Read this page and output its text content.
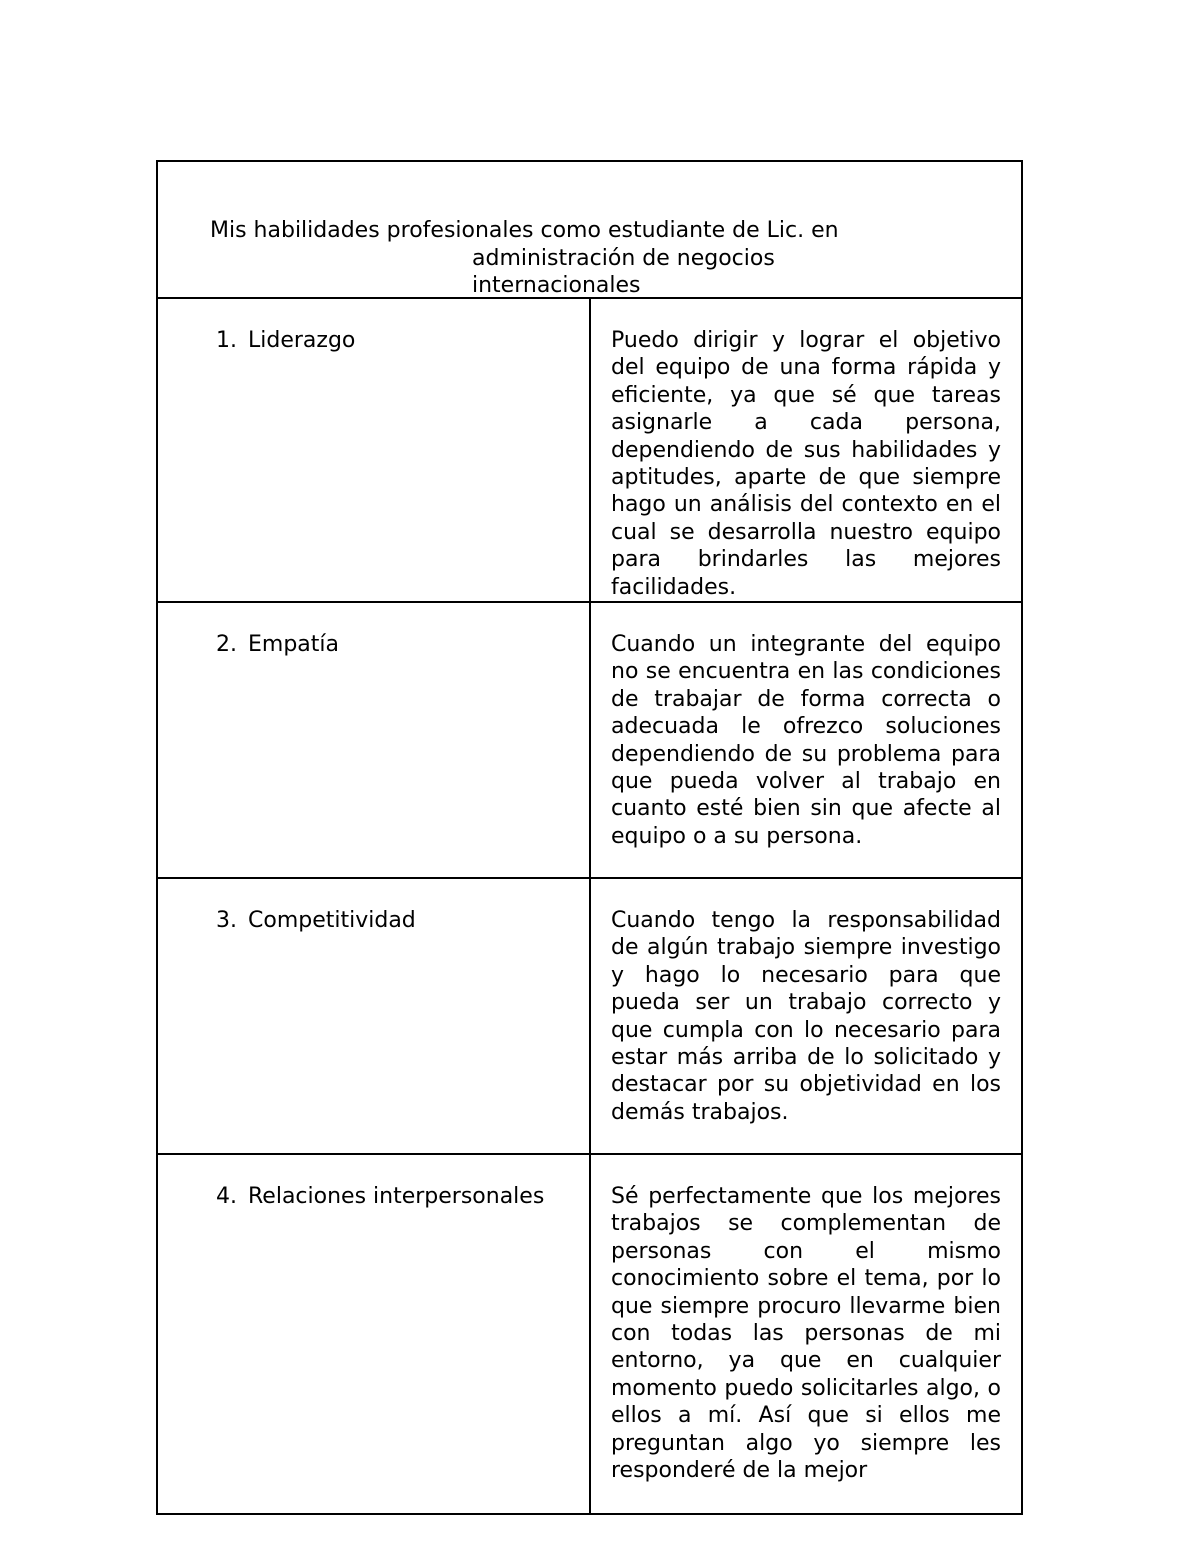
Mis habilidades profesionales como estudiante de Lic. en
administración de negocios
internacionales
1. Liderazgo	Puedo dirigir y lograr el objetivo del equipo de una forma rápida y eficiente, ya que sé que tareas asignarle a cada persona, dependiendo de sus habilidades y aptitudes, aparte de que siempre hago un análisis del contexto en el cual se desarrolla nuestro equipo para brindarles las mejores facilidades.

2. Empatía	Cuando un integrante del equipo no se encuentra en las condiciones de trabajar de forma correcta o adecuada le ofrezco soluciones dependiendo de su problema para que pueda volver al trabajo en cuanto esté bien sin que afecte al equipo o a su persona.

3. Competitividad	Cuando tengo la responsabilidad de algún trabajo siempre investigo y hago lo necesario para que pueda ser un trabajo correcto y que cumpla con lo necesario para estar más arriba de lo solicitado y destacar por su objetividad en los demás trabajos.

4. Relaciones interpersonales	Sé perfectamente que los mejores trabajos se complementan de personas con el mismo conocimiento sobre el tema, por lo que siempre procuro llevarme bien con todas las personas de mi entorno, ya que en cualquier momento puedo solicitarles algo, o ellos a mí. Así que si ellos me preguntan algo yo siempre les responderé de la mejor
